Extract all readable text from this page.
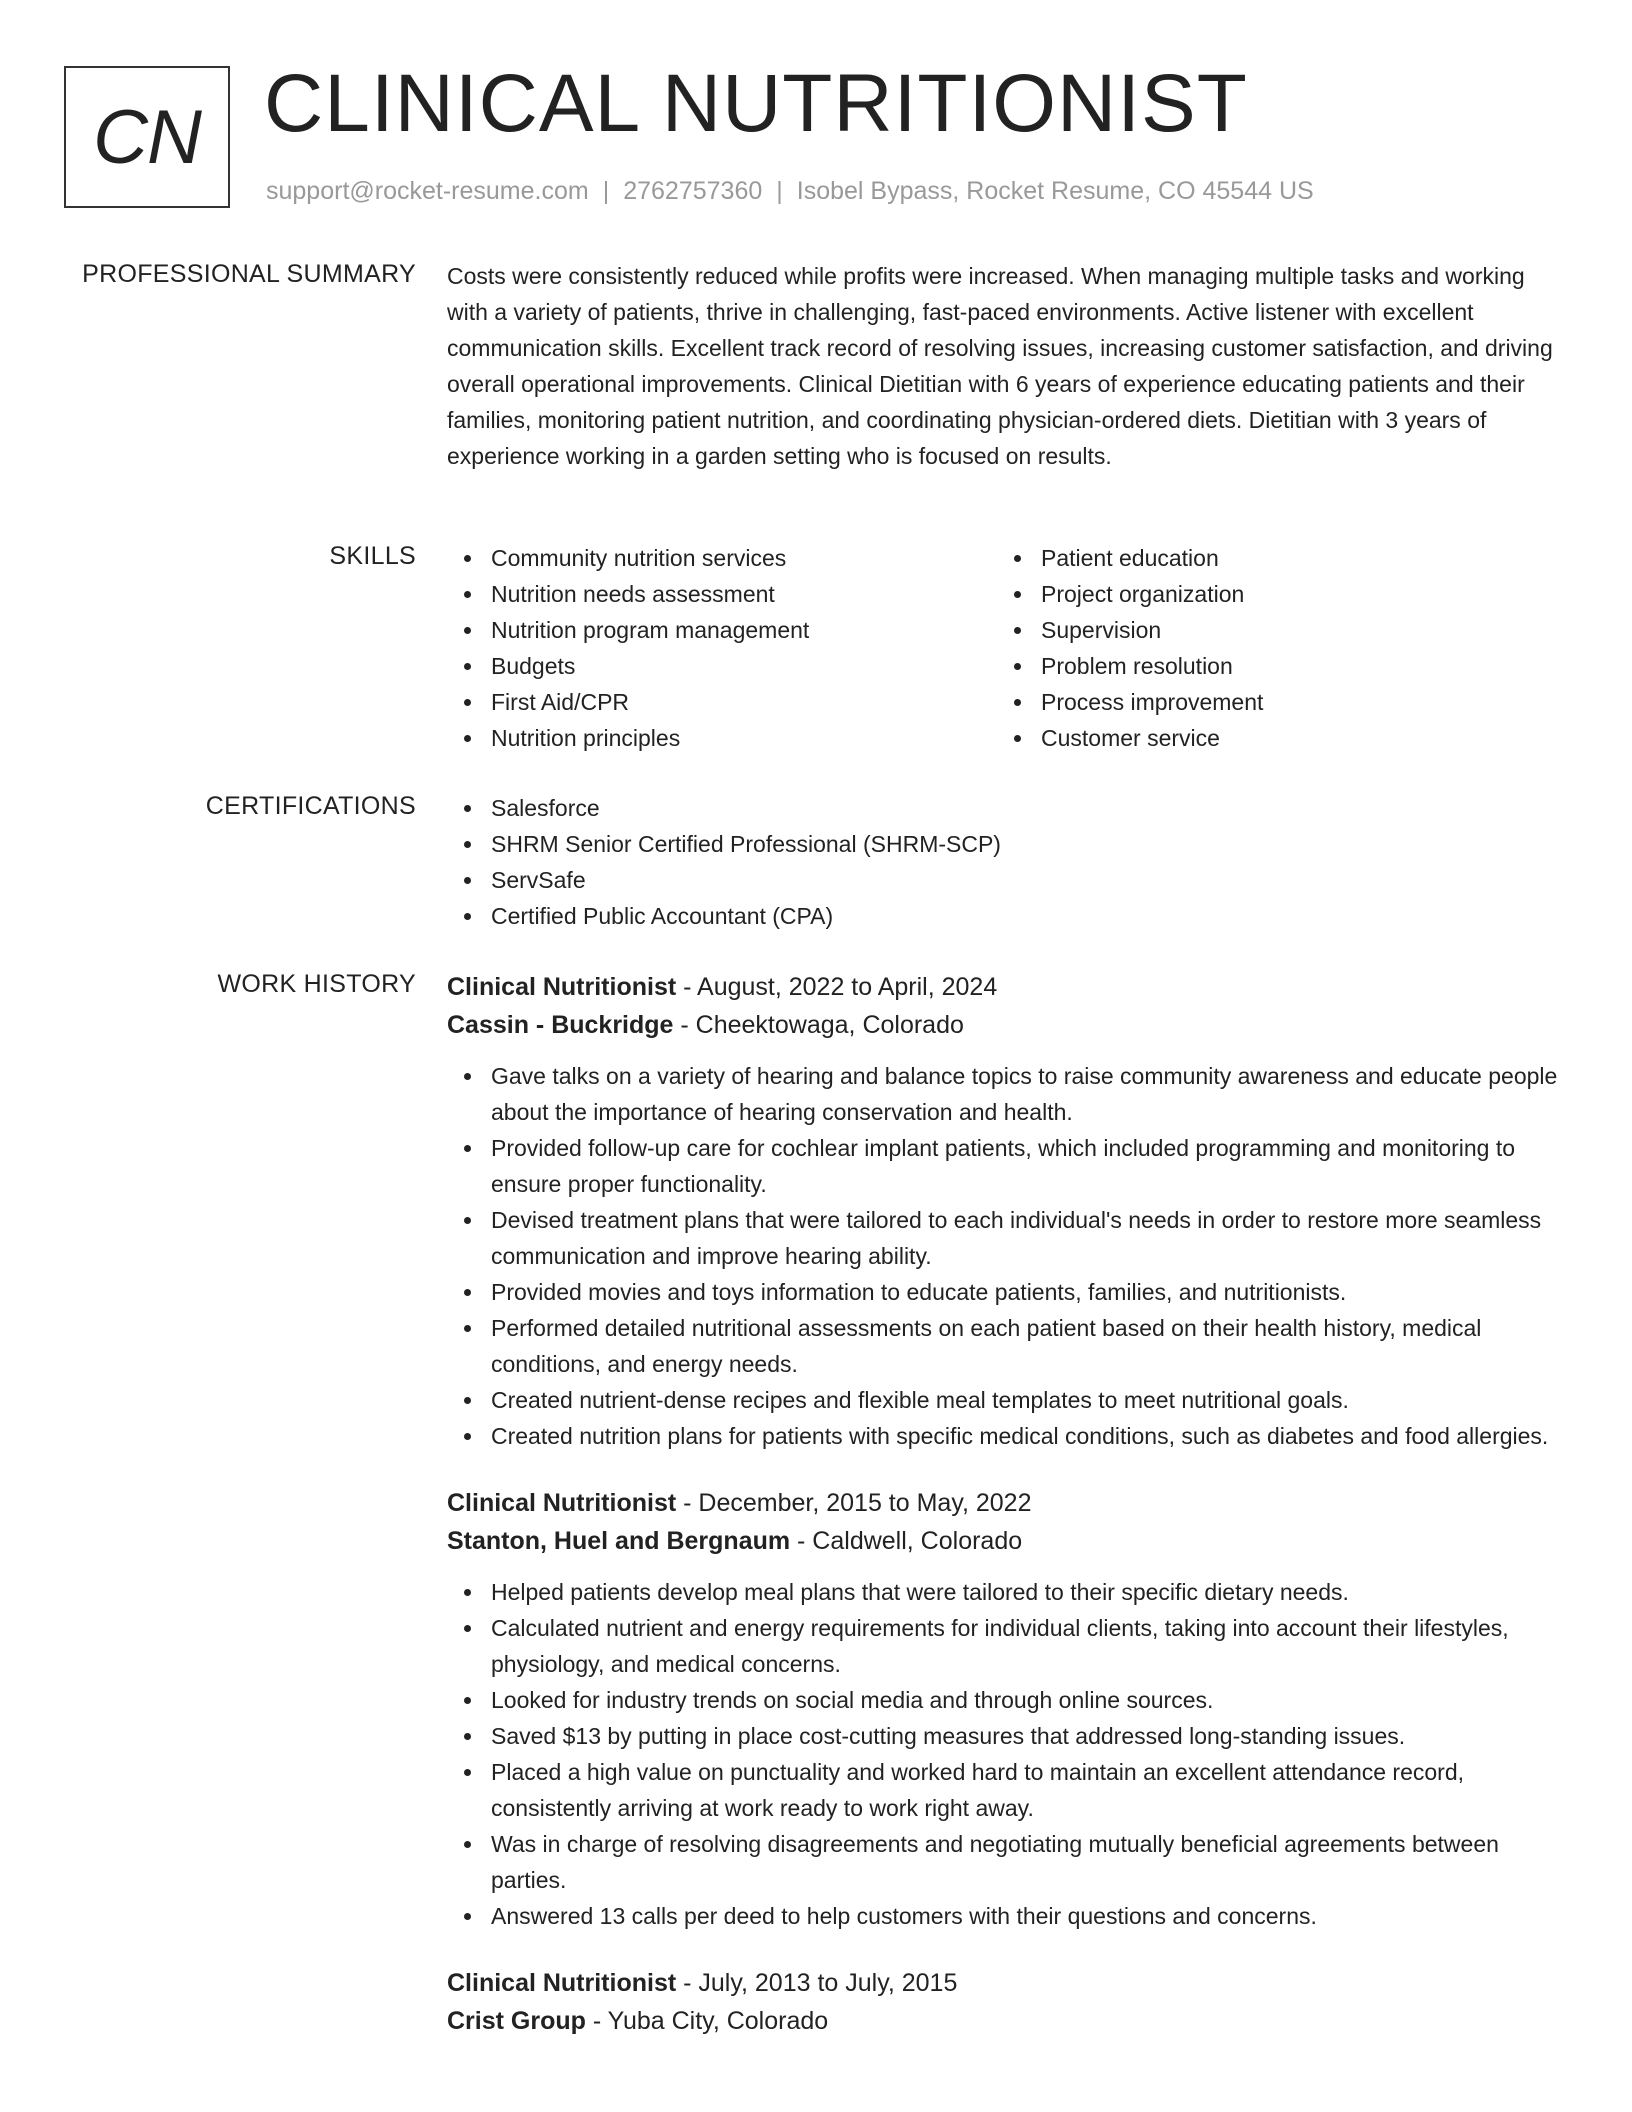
CN CLINICAL NUTRITIONIST
support@rocket-resume.com | 2762757360 | Isobel Bypass, Rocket Resume, CO 45544 US
PROFESSIONAL SUMMARY Costs were consistently reduced while profits were increased. When managing multiple tasks and working with a variety of patients, thrive in challenging, fast-paced environments. Active listener with excellent communication skills. Excellent track record of resolving issues, increasing customer satisfaction, and driving overall operational improvements. Clinical Dietitian with 6 years of experience educating patients and their families, monitoring patient nutrition, and coordinating physician-ordered diets. Dietitian with 3 years of experience working in a garden setting who is focused on results.

SKILLS	Community nutrition services
Nutrition needs assessment
Nutrition program management
Budgets
First Aid/CPR
Nutrition principles
Patient education
Project organization
Supervision
Problem resolution
Process improvement
Customer service
CERTIFICATIONS	Salesforce
SHRM Senior Certified Professional (SHRM-SCP)
ServSafe
Certified Public Accountant (CPA)
WORK HISTORY Clinical Nutritionist - August, 2022 to April, 2024
Cassin - Buckridge - Cheektowaga, Colorado
Gave talks on a variety of hearing and balance topics to raise community awareness and educate people about the importance of hearing conservation and health.
Provided follow-up care for cochlear implant patients, which included programming and monitoring to ensure proper functionality.
Devised treatment plans that were tailored to each individual's needs in order to restore more seamless communication and improve hearing ability.
Provided movies and toys information to educate patients, families, and nutritionists.
Performed detailed nutritional assessments on each patient based on their health history, medical conditions, and energy needs.
Created nutrient-dense recipes and flexible meal templates to meet nutritional goals.
Created nutrition plans for patients with specific medical conditions, such as diabetes and food allergies.
Clinical Nutritionist - December, 2015 to May, 2022
Stanton, Huel and Bergnaum - Caldwell, Colorado
Helped patients develop meal plans that were tailored to their specific dietary needs.
Calculated nutrient and energy requirements for individual clients, taking into account their lifestyles, physiology, and medical concerns.
Looked for industry trends on social media and through online sources.
Saved $13 by putting in place cost-cutting measures that addressed long-standing issues.
Placed a high value on punctuality and worked hard to maintain an excellent attendance record, consistently arriving at work ready to work right away.
Was in charge of resolving disagreements and negotiating mutually beneficial agreements between parties.
Answered 13 calls per deed to help customers with their questions and concerns.
Clinical Nutritionist - July, 2013 to July, 2015
Crist Group - Yuba City, Colorado
